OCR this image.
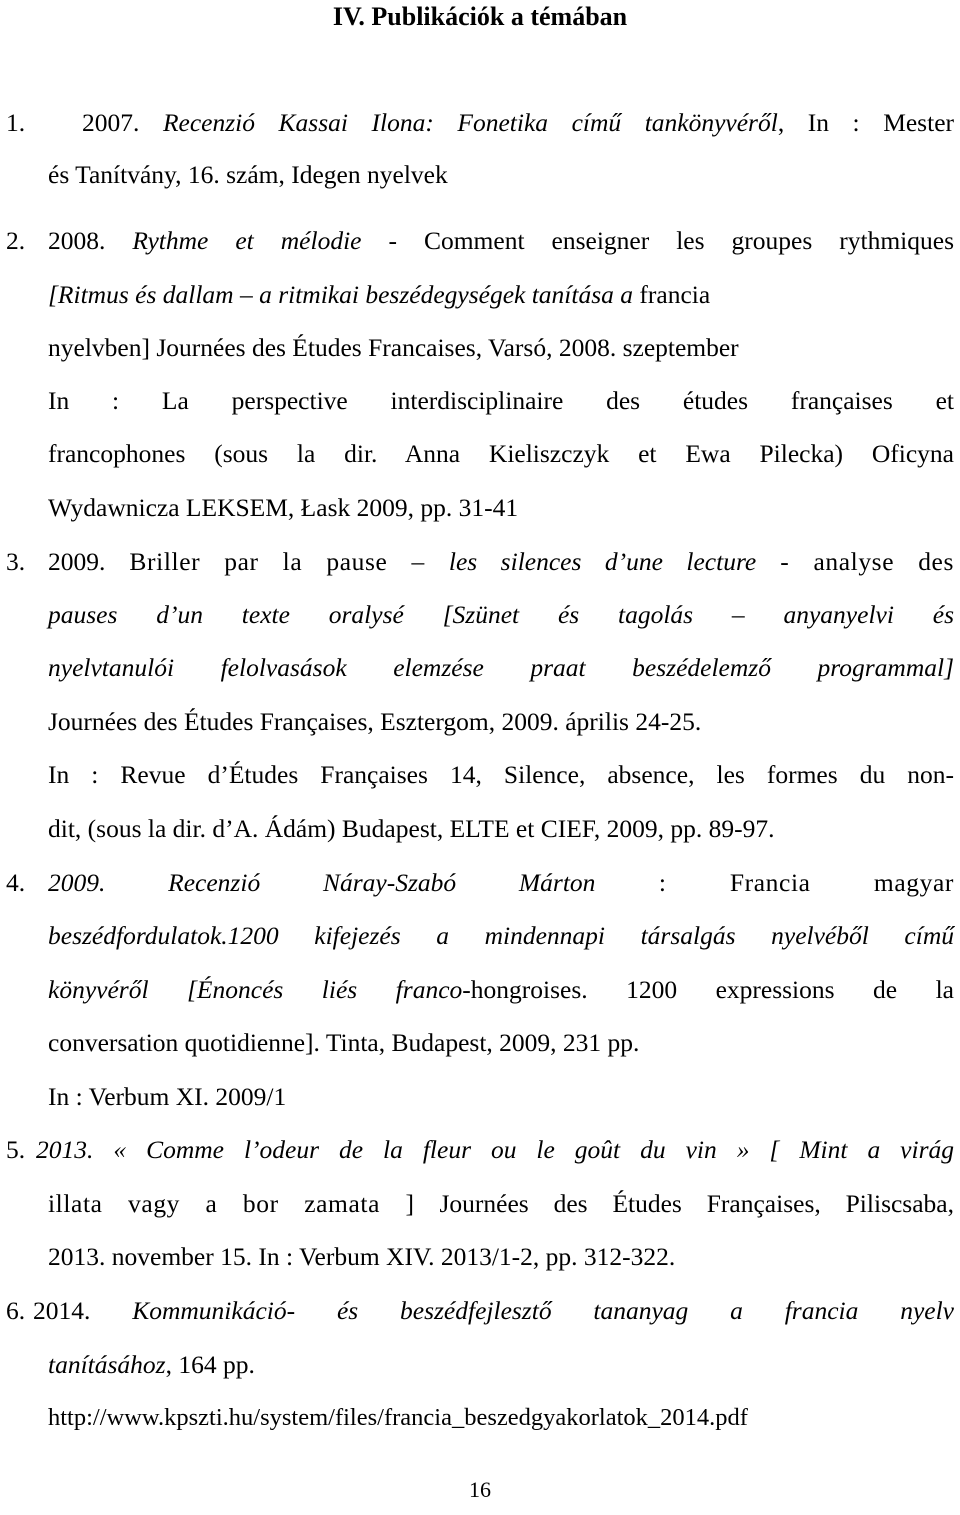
IV. Publikációk a témában
1. 2007. Recenzió Kassai Ilona: Fonetika című tankönyvéről, In : Mester
és Tanítvány, 16. szám, Idegen nyelvek
2. 2008. Rythme et mélodie - Comment enseigner les groupes rythmiques
[Ritmus és dallam – a ritmikai beszédegységek tanítása a francia
nyelvben] Journées des Études Francaises, Varsó, 2008. szeptember
In : La perspective interdisciplinaire des études françaises et
francophones (sous la dir. Anna Kieliszczyk et Ewa Pilecka) Oficyna
Wydawnicza LEKSEM, Łask 2009, pp. 31-41
3. 2009. Briller par la pause – les silences d’une lecture - analyse des
pauses d’un texte oralysé [Szünet és tagolás – anyanyelvi és
nyelvtanulói felolvasások elemzése praat beszédelemző programmal]
Journées des Études Françaises, Esztergom, 2009. április 24-25.
In : Revue d’Études Françaises 14, Silence, absence, les formes du non-
dit, (sous la dir. d’A. Ádám) Budapest, ELTE et CIEF, 2009, pp. 89-97.
4. 2009. Recenzió Náray-Szabó Márton : Francia magyar
beszédfordulatok.1200 kifejezés a mindennapi társalgás nyelvéből című
könyvéről [Énoncés liés franco-hongroises. 1200 expressions de la
conversation quotidienne]. Tinta, Budapest, 2009, 231 pp.
In : Verbum XI. 2009/1
5. 2013. « Comme l’odeur de la fleur ou le goût du vin » [ Mint a virág
illata vagy a bor zamata ] Journées des Études Françaises, Piliscsaba,
2013. november 15. In : Verbum XIV. 2013/1-2, pp. 312-322.
6. 2014. Kommunikáció- és beszédfejlesztő tananyag a francia nyelv
tanításához, 164 pp.
http://www.kpszti.hu/system/files/francia_beszedgyakorlatok_2014.pdf
16
